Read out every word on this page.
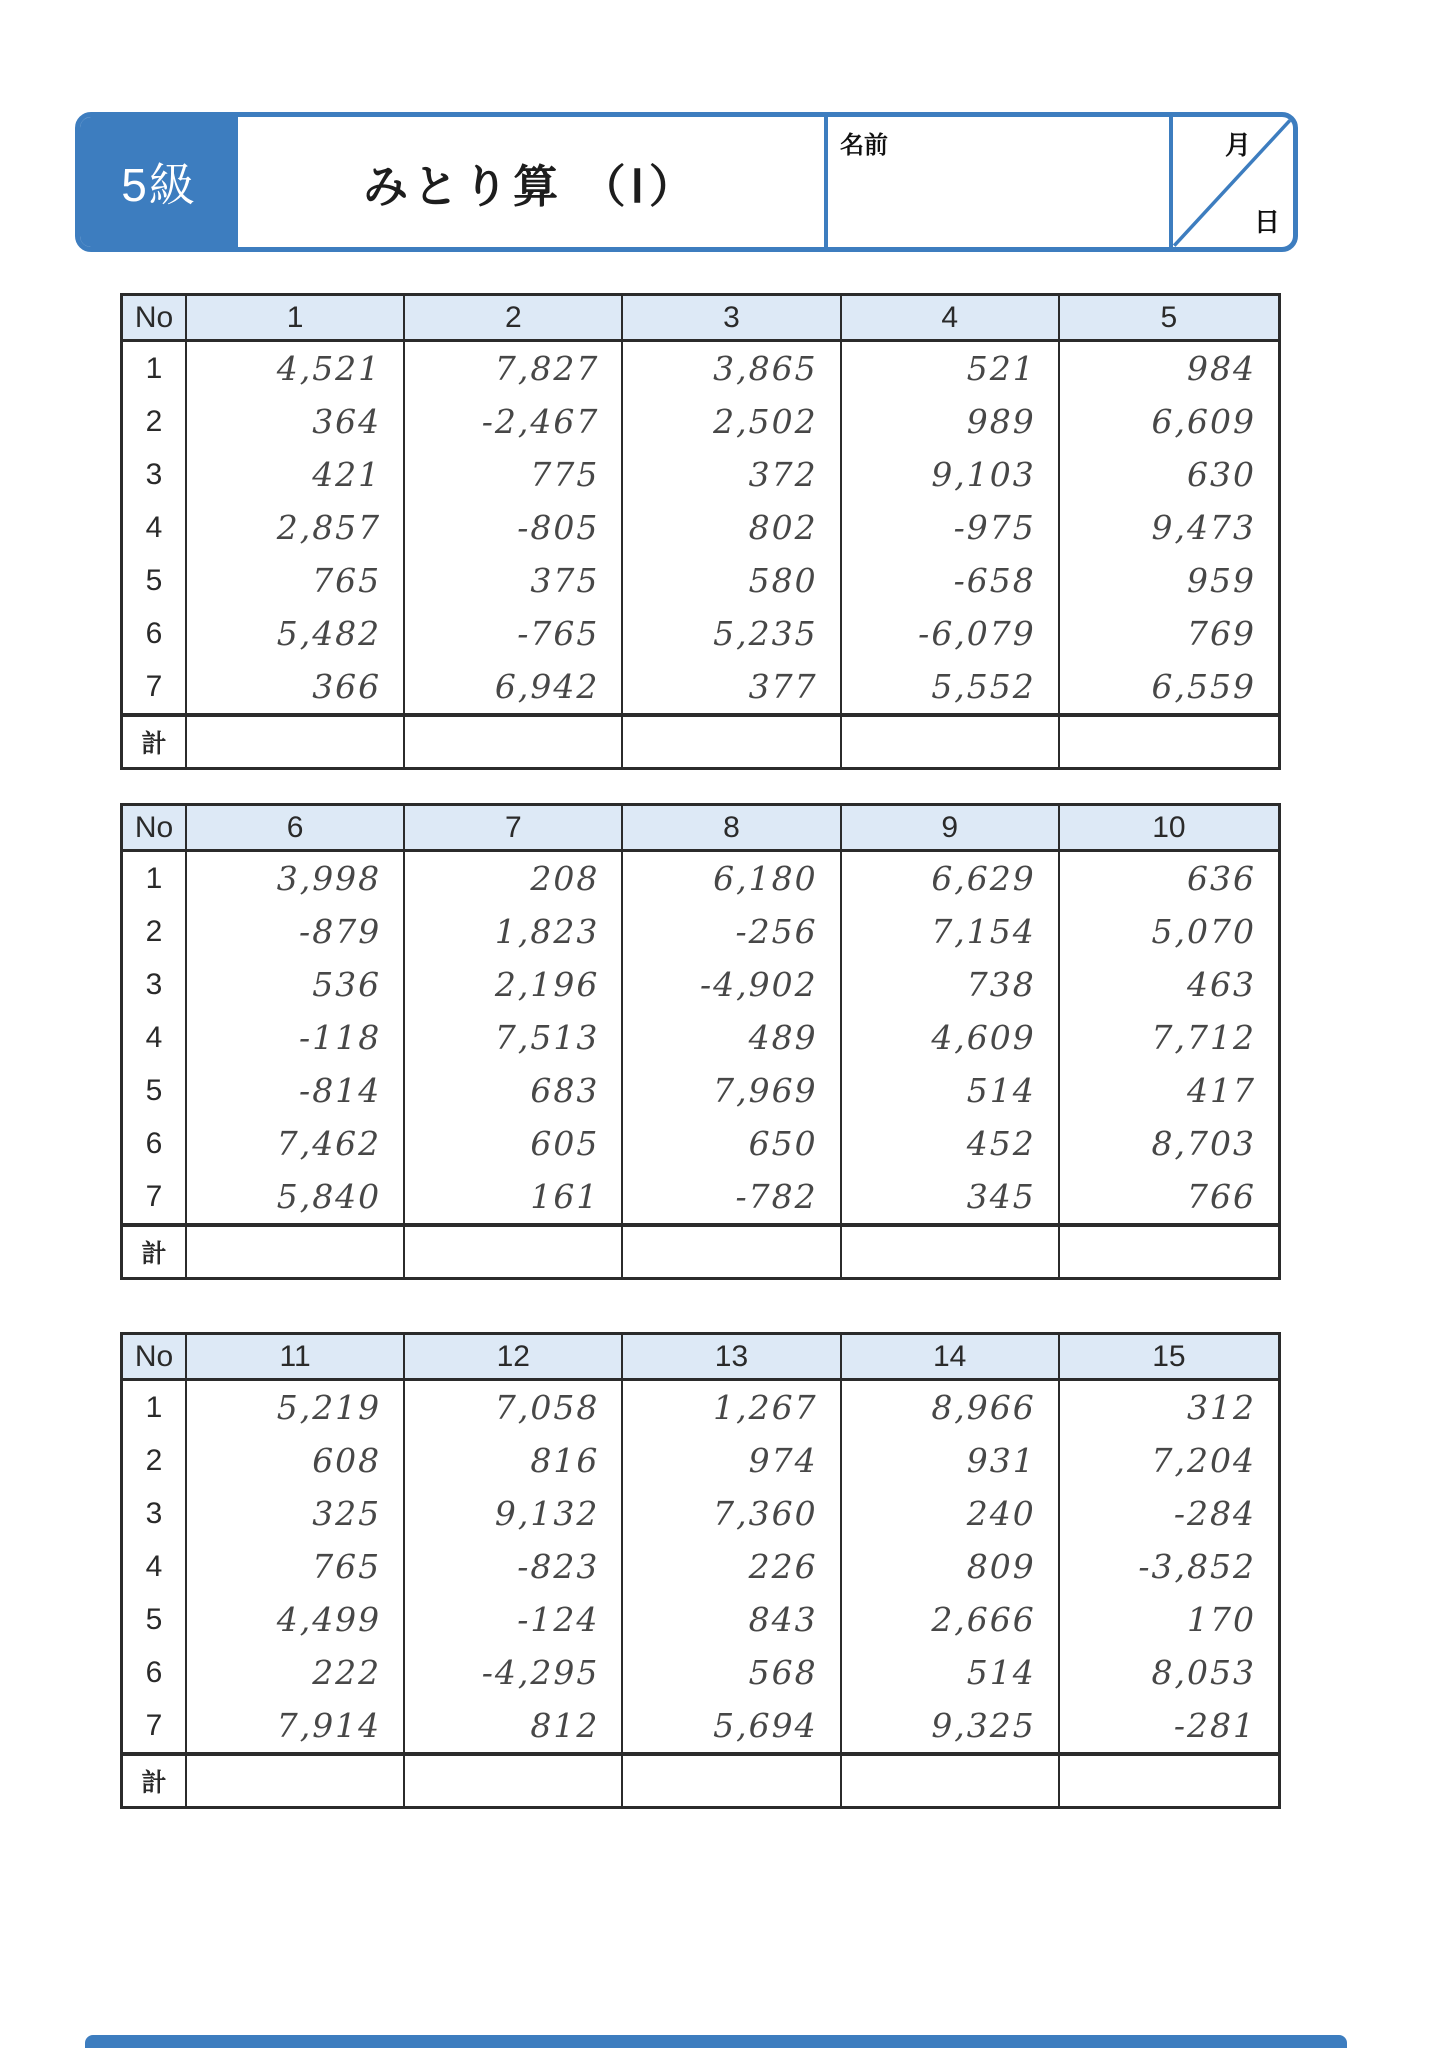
5級	みとり算 （Ⅰ）
名前	月
日
No	1	2	3	4	5
1	4,521	7,827	3,865	521	984
2	364	-2,467	2,502	989	6,609
3	421	775	372	9,103	630
4	2,857	-805	802	-975	9,473
5	765	375	580	-658	959
6	5,482	-765	5,235	-6,079	769
7	366	6,942	377	5,552	6,559
計
No	6	7	8	9	10
1	3,998	208	6,180	6,629	636
2	-879	1,823	-256	7,154	5,070
3	536	2,196	-4,902	738	463
4	-118	7,513	489	4,609	7,712
5	-814	683	7,969	514	417
6	7,462	605	650	452	8,703
7	5,840	161	-782	345	766
計
No	11	12	13	14	15
1	5,219	7,058	1,267	8,966	312
2	608	816	974	931	7,204
3	325	9,132	7,360	240	-284
4	765	-823	226	809	-3,852
5	4,499	-124	843	2,666	170
6	222	-4,295	568	514	8,053
7	7,914	812	5,694	9,325	-281
計
